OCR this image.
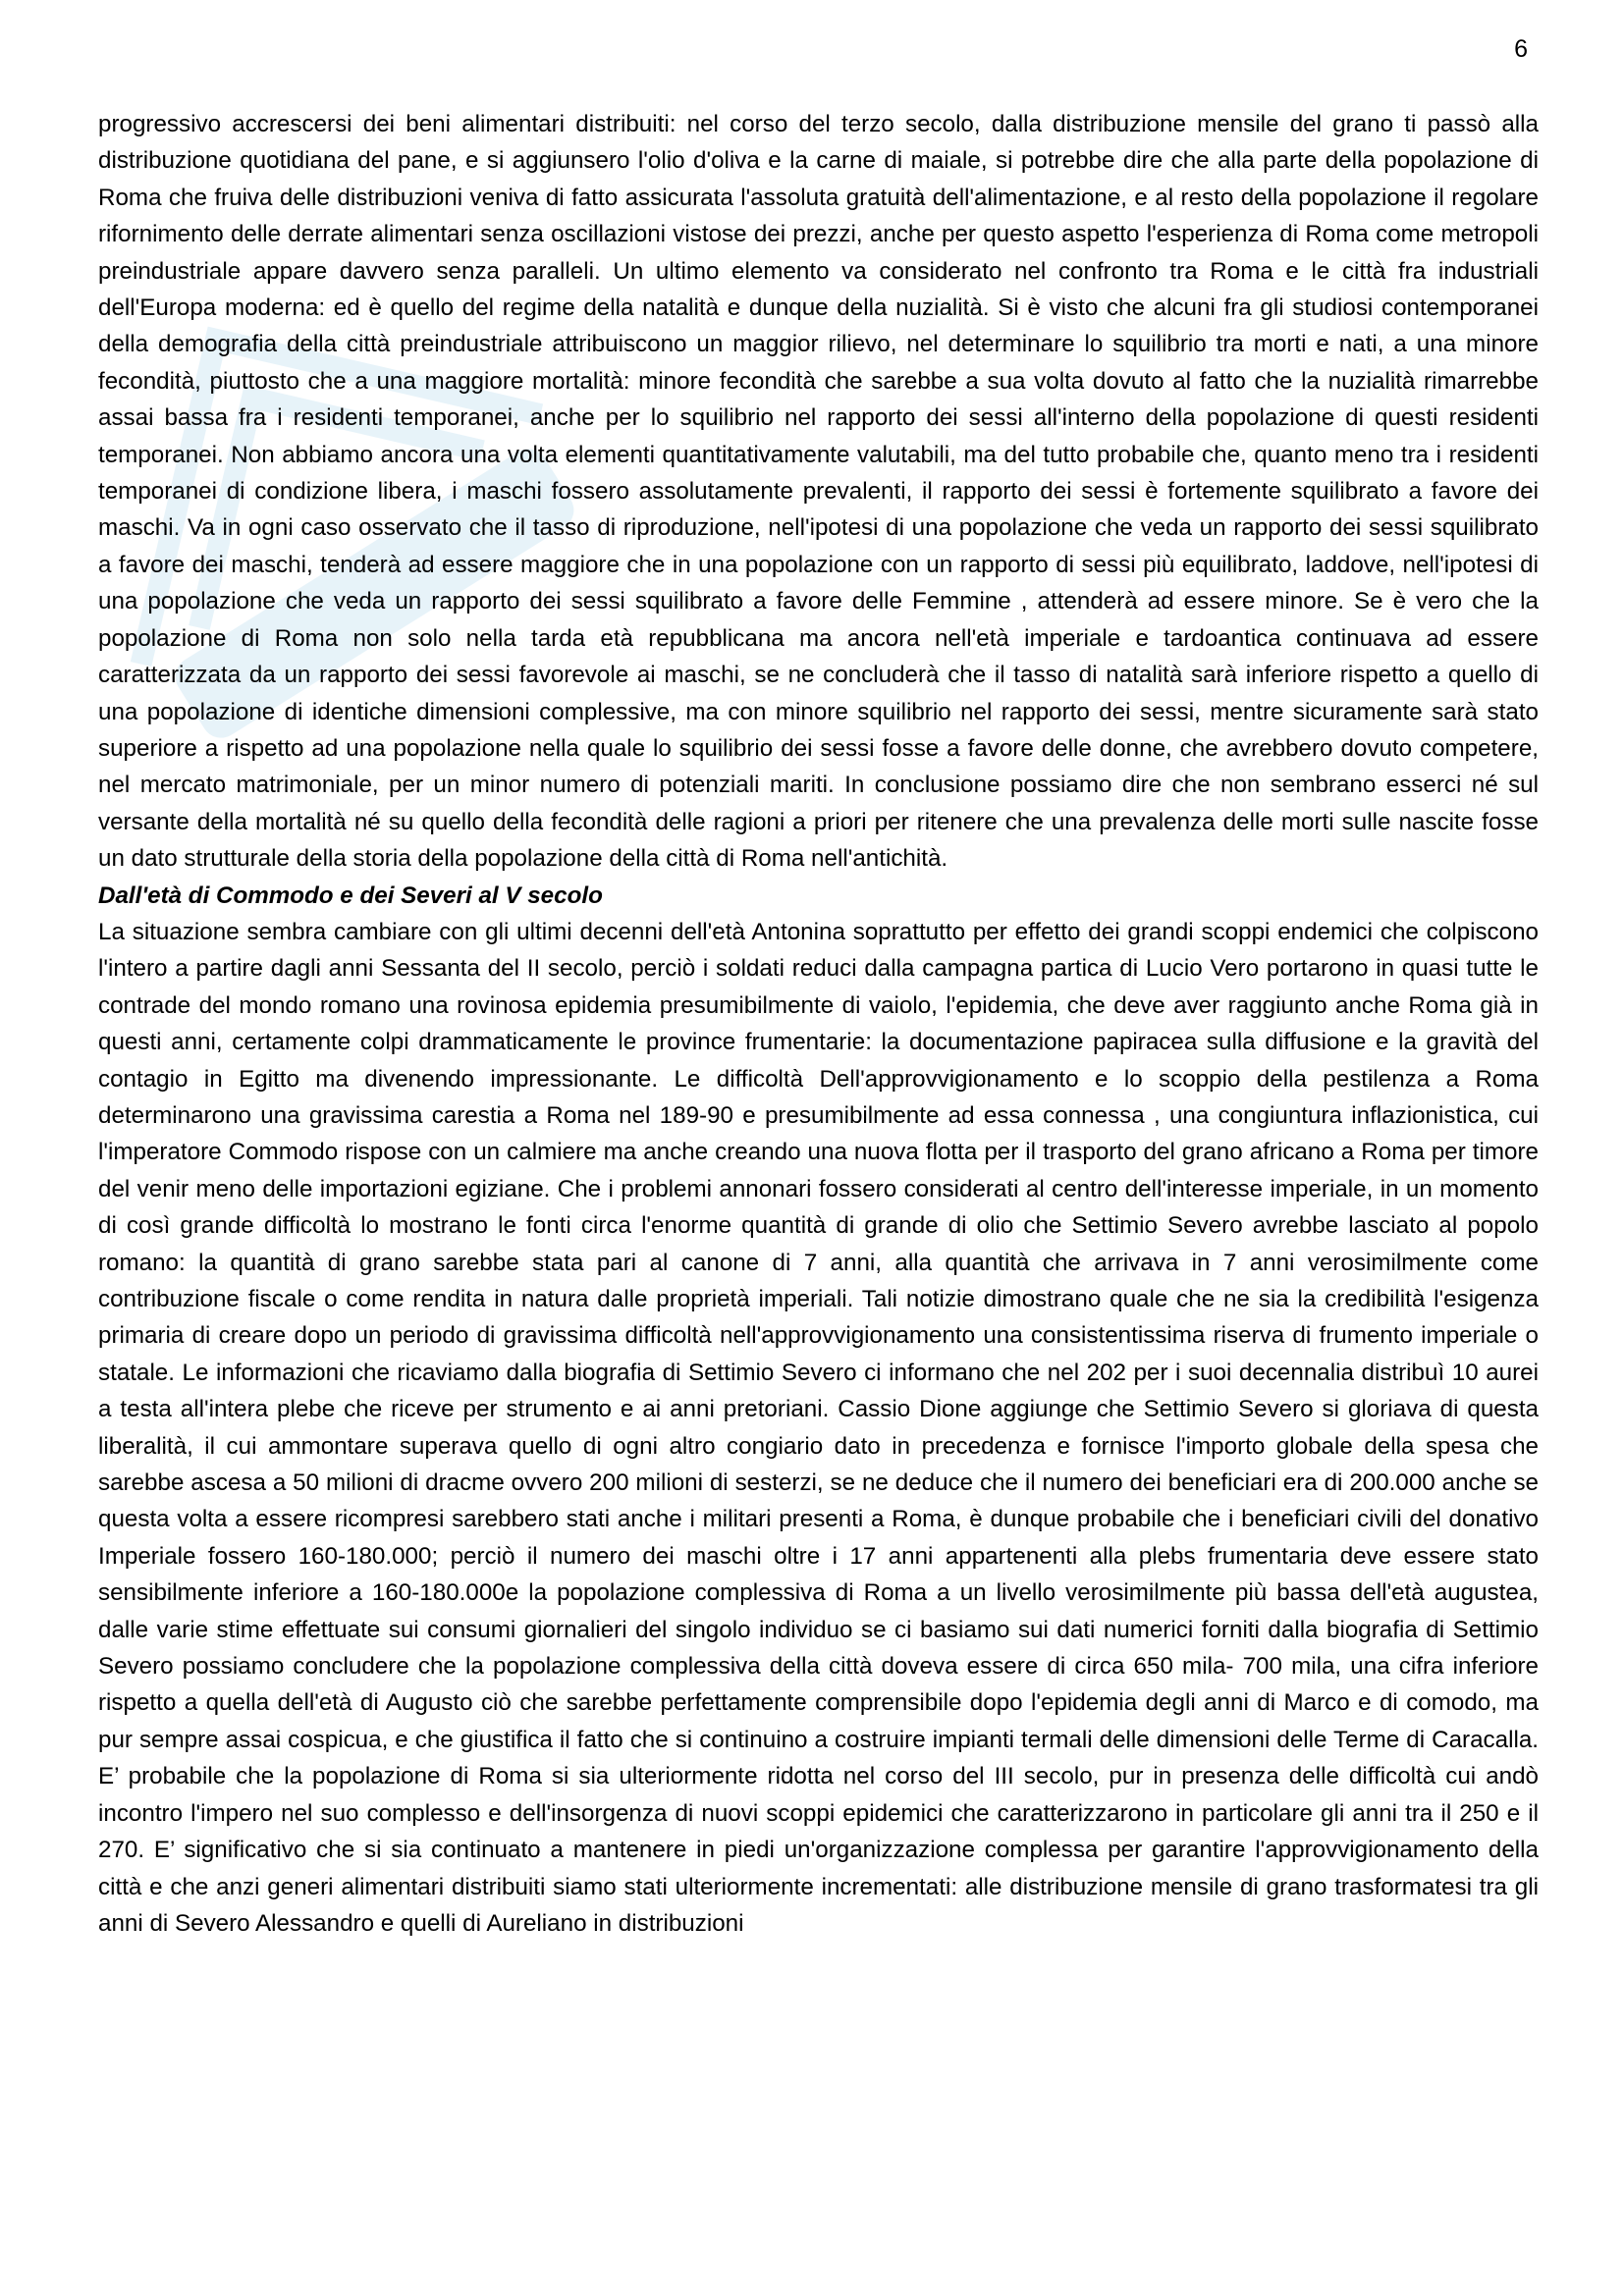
6

progressivo accrescersi dei beni alimentari distribuiti: nel corso del terzo secolo, dalla distribuzione mensile del grano ti passò alla distribuzione quotidiana del pane, e si aggiunsero l'olio d'oliva e la carne di maiale, si potrebbe dire che alla parte della popolazione di Roma che fruiva delle distribuzioni veniva di fatto assicurata l'assoluta gratuità dell'alimentazione, e al resto della popolazione il regolare rifornimento delle derrate alimentari senza oscillazioni vistose dei prezzi, anche per questo aspetto l'esperienza di Roma come metropoli preindustriale appare davvero senza paralleli. Un ultimo elemento va considerato nel confronto tra Roma e le città fra industriali dell'Europa moderna: ed è quello del regime della natalità e dunque della nuzialità. Si è visto che alcuni fra gli studiosi contemporanei della demografia della città preindustriale attribuiscono un maggior rilievo, nel determinare lo squilibrio tra morti e nati, a una minore fecondità, piuttosto che a una maggiore mortalità: minore fecondità che sarebbe a sua volta dovuto al fatto che la nuzialità rimarrebbe assai bassa fra i residenti temporanei, anche per lo squilibrio nel rapporto dei sessi all'interno della popolazione di questi residenti temporanei. Non abbiamo ancora una volta elementi quantitativamente valutabili, ma del tutto probabile che, quanto meno tra i residenti temporanei di condizione libera, i maschi fossero assolutamente prevalenti, il rapporto dei sessi è fortemente squilibrato a favore dei maschi. Va in ogni caso osservato che il tasso di riproduzione, nell'ipotesi di una popolazione che veda un rapporto dei sessi squilibrato a favore dei maschi, tenderà ad essere maggiore che in una popolazione con un rapporto di sessi più equilibrato, laddove, nell'ipotesi di una popolazione che veda un rapporto dei sessi squilibrato a favore delle Femmine , attenderà ad essere minore. Se è vero che la popolazione di Roma non solo nella tarda età repubblicana ma ancora nell'età imperiale e tardoantica continuava ad essere caratterizzata da un rapporto dei sessi favorevole ai maschi, se ne concluderà che il tasso di natalità sarà inferiore rispetto a quello di una popolazione di identiche dimensioni complessive, ma con minore squilibrio nel rapporto dei sessi, mentre sicuramente sarà stato superiore a rispetto ad una popolazione nella quale lo squilibrio dei sessi fosse a favore delle donne, che avrebbero dovuto competere, nel mercato matrimoniale, per un minor numero di potenziali mariti. In conclusione possiamo dire che non sembrano esserci né sul versante della mortalità né su quello della fecondità delle ragioni a priori per ritenere che una prevalenza delle morti sulle nascite fosse un dato strutturale della storia della popolazione della città di Roma nell'antichità.

Dall'età di Commodo e dei Severi al V secolo

La situazione sembra cambiare con gli ultimi decenni dell'età Antonina soprattutto per effetto dei grandi scoppi endemici che colpiscono l'intero a partire dagli anni Sessanta del II secolo, perciò i soldati reduci dalla campagna partica di Lucio Vero portarono in quasi tutte le contrade del mondo romano una rovinosa epidemia presumibilmente di vaiolo, l'epidemia, che deve aver raggiunto anche Roma già in questi anni, certamente colpi drammaticamente le province frumentarie: la documentazione papiracea sulla diffusione e la gravità del contagio in Egitto ma divenendo impressionante. Le difficoltà Dell'approvvigionamento e lo scoppio della pestilenza a Roma determinarono una gravissima carestia a Roma nel 189-90 e presumibilmente ad essa connessa , una congiuntura inflazionistica, cui l'imperatore Commodo rispose con un calmiere ma anche creando una nuova flotta per il trasporto del grano africano a Roma per timore del venir meno delle importazioni egiziane. Che i problemi annonari fossero considerati al centro dell'interesse imperiale, in un momento di così grande difficoltà lo mostrano le fonti circa l'enorme quantità di grande di olio che Settimio Severo avrebbe lasciato al popolo romano: la quantità di grano sarebbe stata pari al canone di 7 anni, alla quantità che arrivava in 7 anni verosimilmente come contribuzione fiscale o come rendita in natura dalle proprietà imperiali. Tali notizie dimostrano quale che ne sia la credibilità l'esigenza primaria di creare dopo un periodo di gravissima difficoltà nell'approvvigionamento una consistentissima riserva di frumento imperiale o statale. Le informazioni che ricaviamo dalla biografia di Settimio Severo ci informano che nel 202 per i suoi decennalia distribuì 10 aurei a testa all'intera plebe che riceve per strumento e ai anni pretoriani. Cassio Dione aggiunge che Settimio Severo si gloriava di questa liberalità, il cui ammontare superava quello di ogni altro congiario dato in precedenza e fornisce l'importo globale della spesa che sarebbe ascesa a 50 milioni di dracme ovvero 200 milioni di sesterzi, se ne deduce che il numero dei beneficiari era di 200.000 anche se questa volta a essere ricompresi sarebbero stati anche i militari presenti a Roma, è dunque probabile che i beneficiari civili del donativo Imperiale fossero 160-180.000; perciò il numero dei maschi oltre i 17 anni appartenenti alla plebs frumentaria deve essere stato sensibilmente inferiore a 160-180.000e la popolazione complessiva di Roma a un livello verosimilmente più bassa dell'età augustea, dalle varie stime effettuate sui consumi giornalieri del singolo individuo se ci basiamo sui dati numerici forniti dalla biografia di Settimio Severo possiamo concludere che la popolazione complessiva della città doveva essere di circa 650 mila- 700 mila, una cifra inferiore rispetto a quella dell'età di Augusto ciò che sarebbe perfettamente comprensibile dopo l'epidemia degli anni di Marco e di comodo, ma pur sempre assai cospicua, e che giustifica il fatto che si continuino a costruire impianti termali delle dimensioni delle Terme di Caracalla. E’ probabile che la popolazione di Roma si sia ulteriormente ridotta nel corso del III secolo, pur in presenza delle difficoltà cui andò incontro l'impero nel suo complesso e dell'insorgenza di nuovi scoppi epidemici che caratterizzarono in particolare gli anni tra il 250 e il 270. E’ significativo che si sia continuato a mantenere in piedi un'organizzazione complessa per garantire l'approvvigionamento della città e che anzi generi alimentari distribuiti siamo stati ulteriormente incrementati: alle distribuzione mensile di grano trasformatesi tra gli anni di Severo Alessandro e quelli di Aureliano in distribuzioni
